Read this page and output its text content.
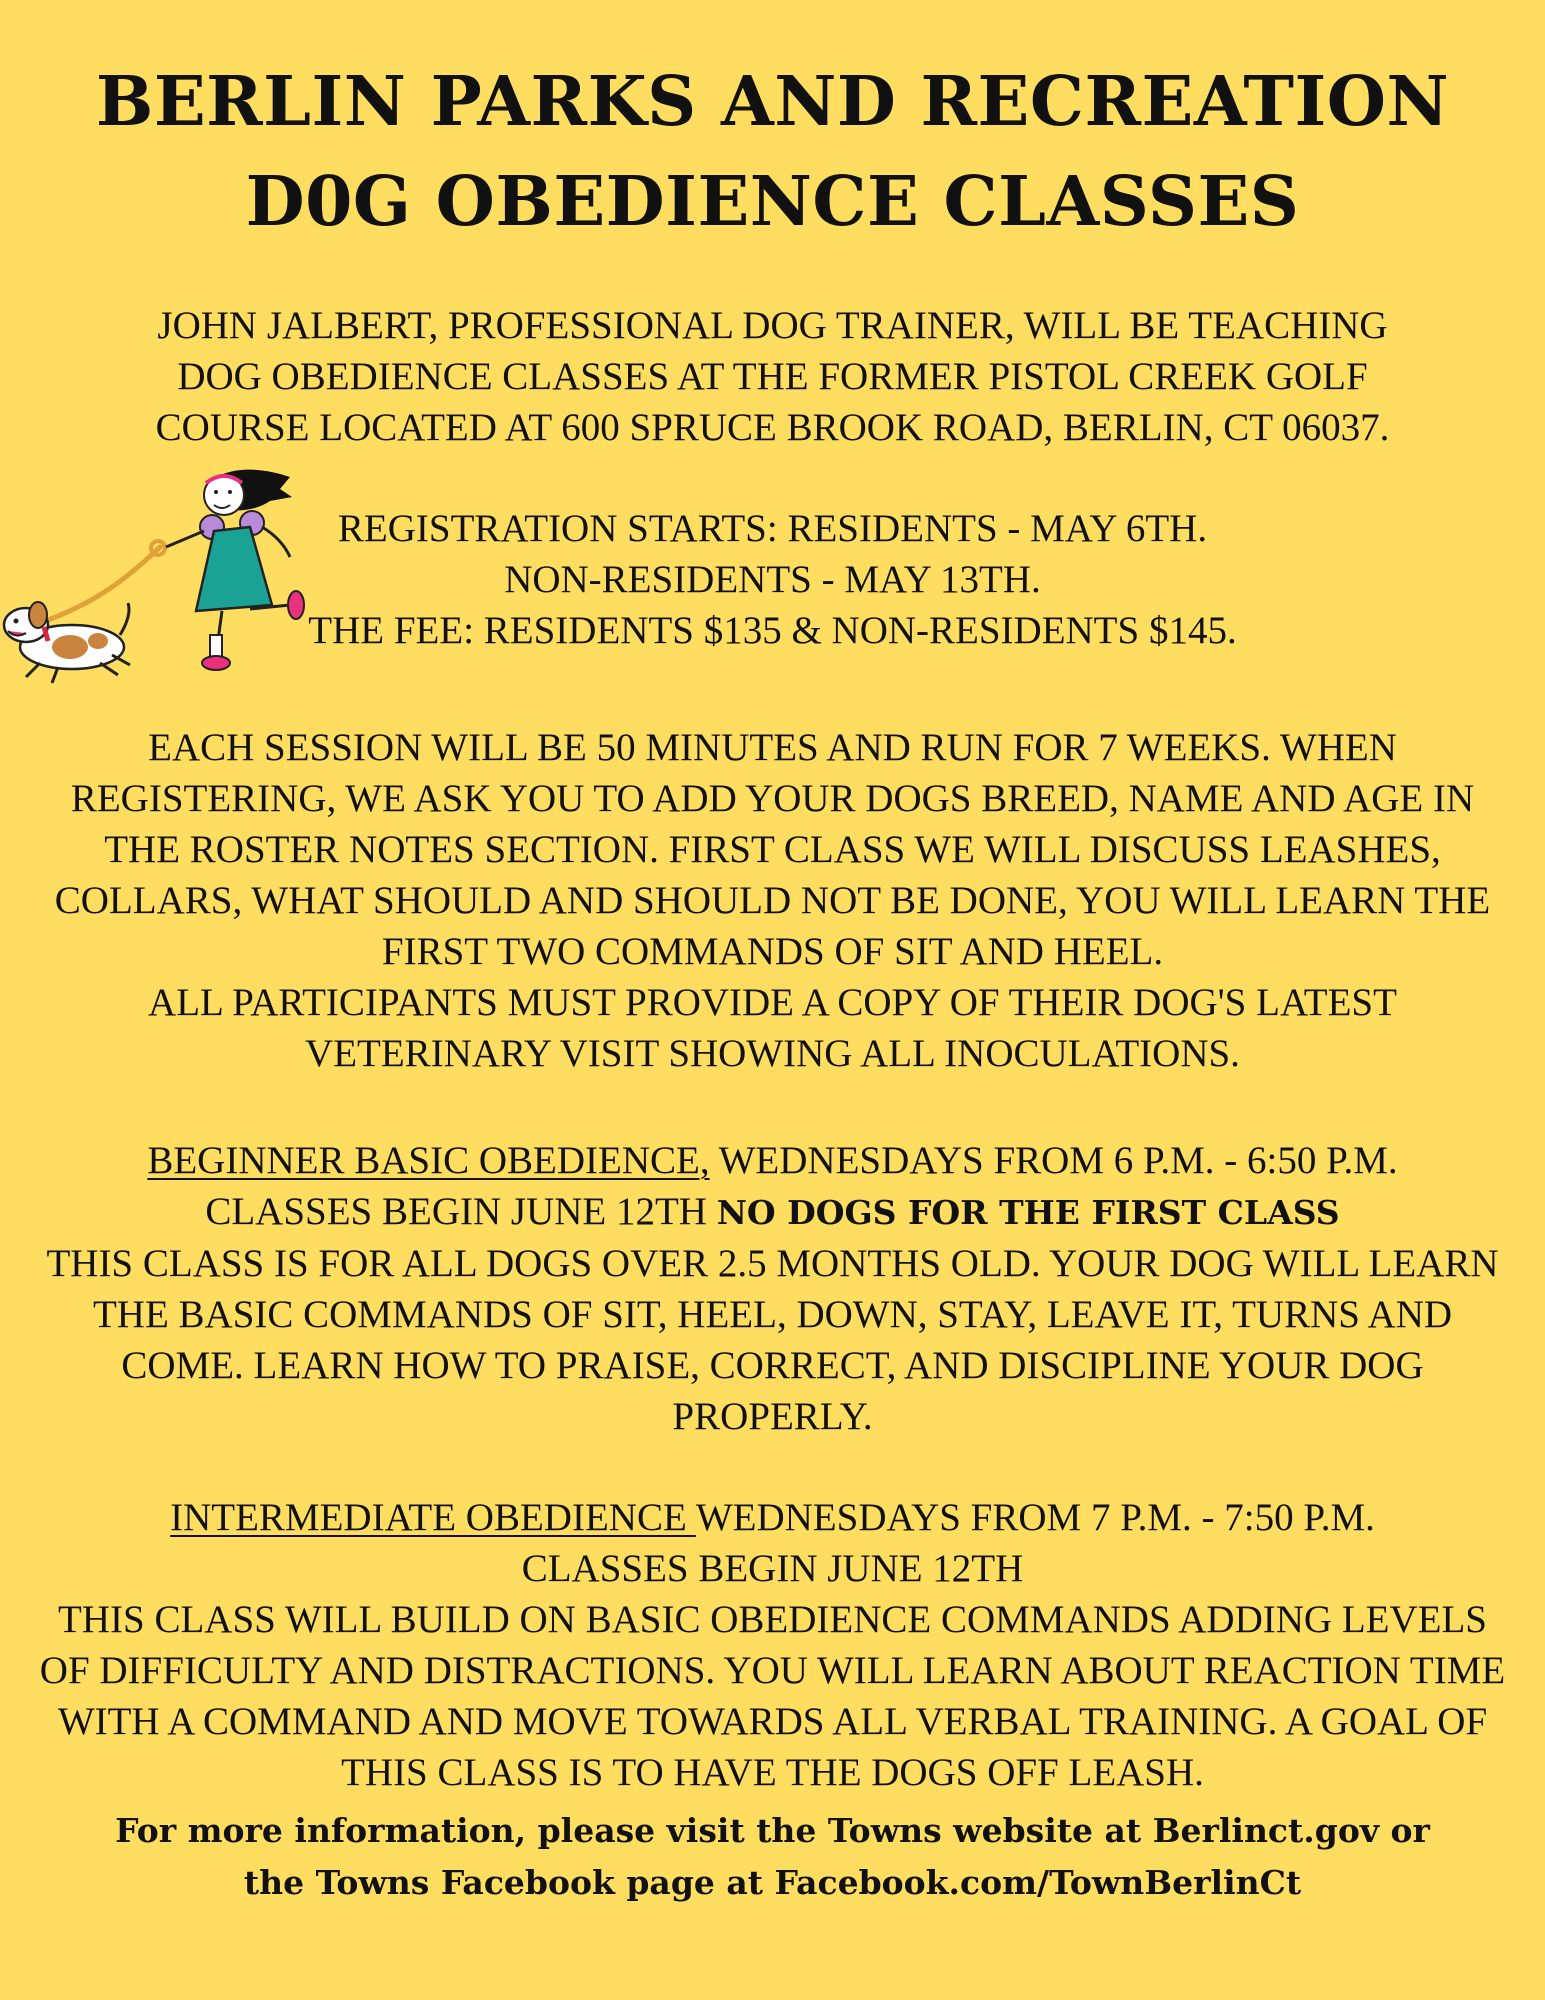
BERLIN PARKS AND RECREATION
D0G OBEDIENCE CLASSES
JOHN JALBERT, PROFESSIONAL DOG TRAINER, WILL BE TEACHING
DOG OBEDIENCE CLASSES AT THE FORMER PISTOL CREEK GOLF
COURSE LOCATED AT 600 SPRUCE BROOK ROAD, BERLIN, CT 06037.
REGISTRATION STARTS: RESIDENTS - MAY 6TH.
NON-RESIDENTS - MAY 13TH.
THE FEE: RESIDENTS $135 & NON-RESIDENTS $145.
EACH SESSION WILL BE 50 MINUTES AND RUN FOR 7 WEEKS. WHEN
REGISTERING, WE ASK YOU TO ADD YOUR DOGS BREED, NAME AND AGE IN
THE ROSTER NOTES SECTION. FIRST CLASS WE WILL DISCUSS LEASHES,
COLLARS, WHAT SHOULD AND SHOULD NOT BE DONE, YOU WILL LEARN THE
FIRST TWO COMMANDS OF SIT AND HEEL.
ALL PARTICIPANTS MUST PROVIDE A COPY OF THEIR DOG'S LATEST
VETERINARY VISIT SHOWING ALL INOCULATIONS.
BEGINNER BASIC OBEDIENCE, WEDNESDAYS FROM 6 P.M. - 6:50 P.M.
CLASSES BEGIN JUNE 12TH NO DOGS FOR THE FIRST CLASS
THIS CLASS IS FOR ALL DOGS OVER 2.5 MONTHS OLD. YOUR DOG WILL LEARN
THE BASIC COMMANDS OF SIT, HEEL, DOWN, STAY, LEAVE IT, TURNS AND
COME. LEARN HOW TO PRAISE, CORRECT, AND DISCIPLINE YOUR DOG
PROPERLY.
INTERMEDIATE OBEDIENCE WEDNESDAYS FROM 7 P.M. - 7:50 P.M.
CLASSES BEGIN JUNE 12TH
THIS CLASS WILL BUILD ON BASIC OBEDIENCE COMMANDS ADDING LEVELS
OF DIFFICULTY AND DISTRACTIONS. YOU WILL LEARN ABOUT REACTION TIME
WITH A COMMAND AND MOVE TOWARDS ALL VERBAL TRAINING. A GOAL OF
THIS CLASS IS TO HAVE THE DOGS OFF LEASH.
For more information, please visit the Towns website at Berlinct.gov or
the Towns Facebook page at Facebook.com/TownBerlinCt
